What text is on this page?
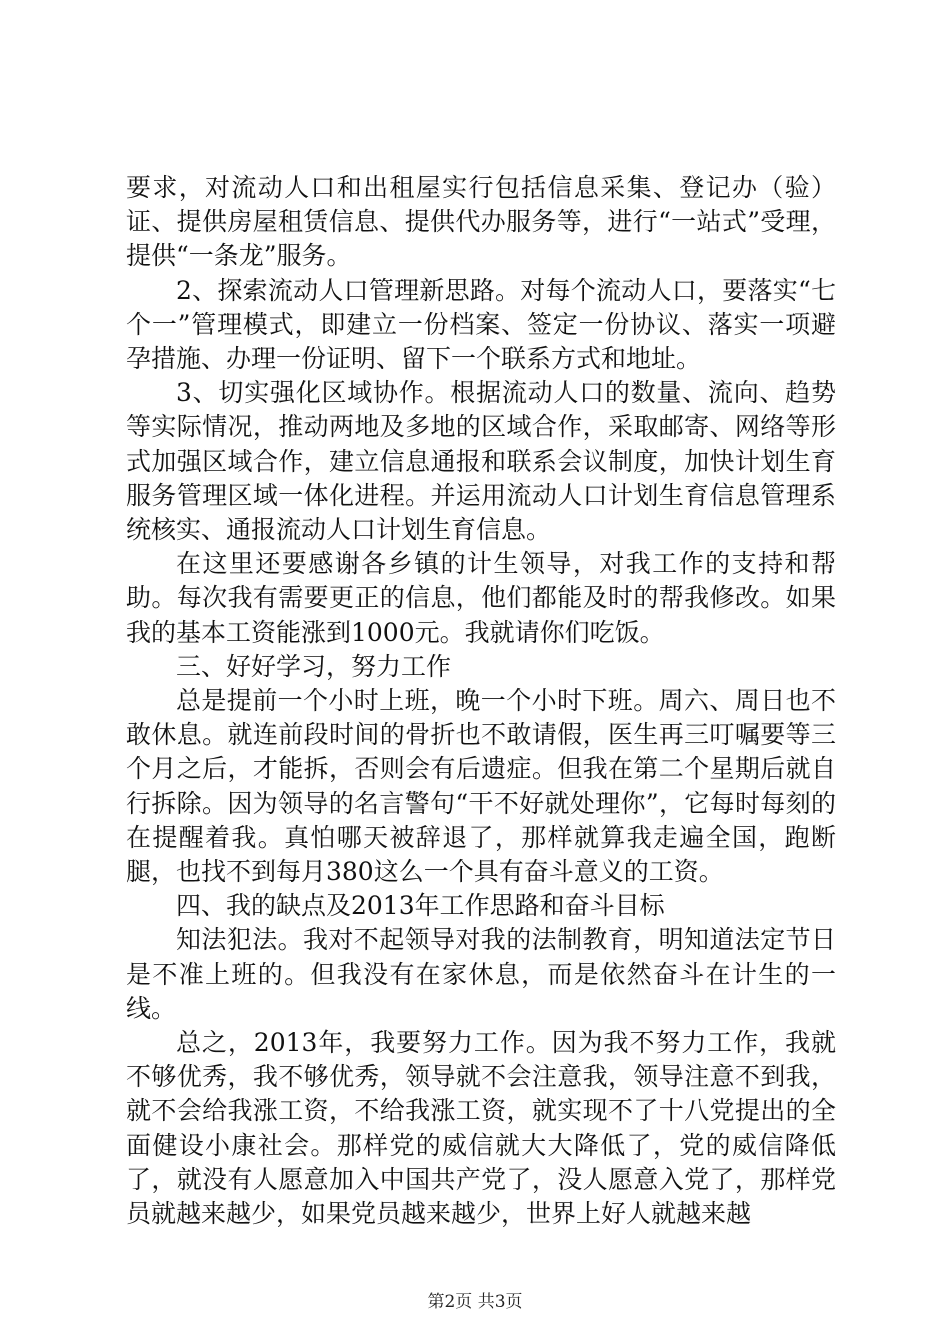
要求，对流动人口和出租屋实行包括信息采集、登记办（验）证、提供房屋租赁信息、提供代办服务等，进行“一站式”受理，提供“一条龙”服务。

2、探索流动人口管理新思路。对每个流动人口，要落实“七个一”管理模式，即建立一份档案、签定一份协议、落实一项避孕措施、办理一份证明、留下一个联系方式和地址。

3、切实强化区域协作。根据流动人口的数量、流向、趋势等实际情况，推动两地及多地的区域合作，采取邮寄、网络等形式加强区域合作，建立信息通报和联系会议制度，加快计划生育服务管理区域一体化进程。并运用流动人口计划生育信息管理系统核实、通报流动人口计划生育信息。

在这里还要感谢各乡镇的计生领导，对我工作的支持和帮助。每次我有需要更正的信息，他们都能及时的帮我修改。如果我的基本工资能涨到1000元。我就请你们吃饭。

三、好好学习，努力工作

总是提前一个小时上班，晚一个小时下班。周六、周日也不敢休息。就连前段时间的骨折也不敢请假，医生再三叮嘱要等三个月之后，才能拆，否则会有后遗症。但我在第二个星期后就自行拆除。因为领导的名言警句“干不好就处理你”，它每时每刻的在提醒着我。真怕哪天被辞退了，那样就算我走遍全国，跑断腿，也找不到每月380这么一个具有奋斗意义的工资。

四、我的缺点及2013年工作思路和奋斗目标

知法犯法。我对不起领导对我的法制教育，明知道法定节日是不准上班的。但我没有在家休息，而是依然奋斗在计生的一线。

总之，2013年，我要努力工作。因为我不努力工作，我就不够优秀，我不够优秀，领导就不会注意我，领导注意不到我，就不会给我涨工资，不给我涨工资，就实现不了十八党提出的全面健设小康社会。那样党的威信就大大降低了，党的威信降低了，就没有人愿意加入中国共产党了，没人愿意入党了，那样党员就越来越少，如果党员越来越少，世界上好人就越来越

第2页 共3页
